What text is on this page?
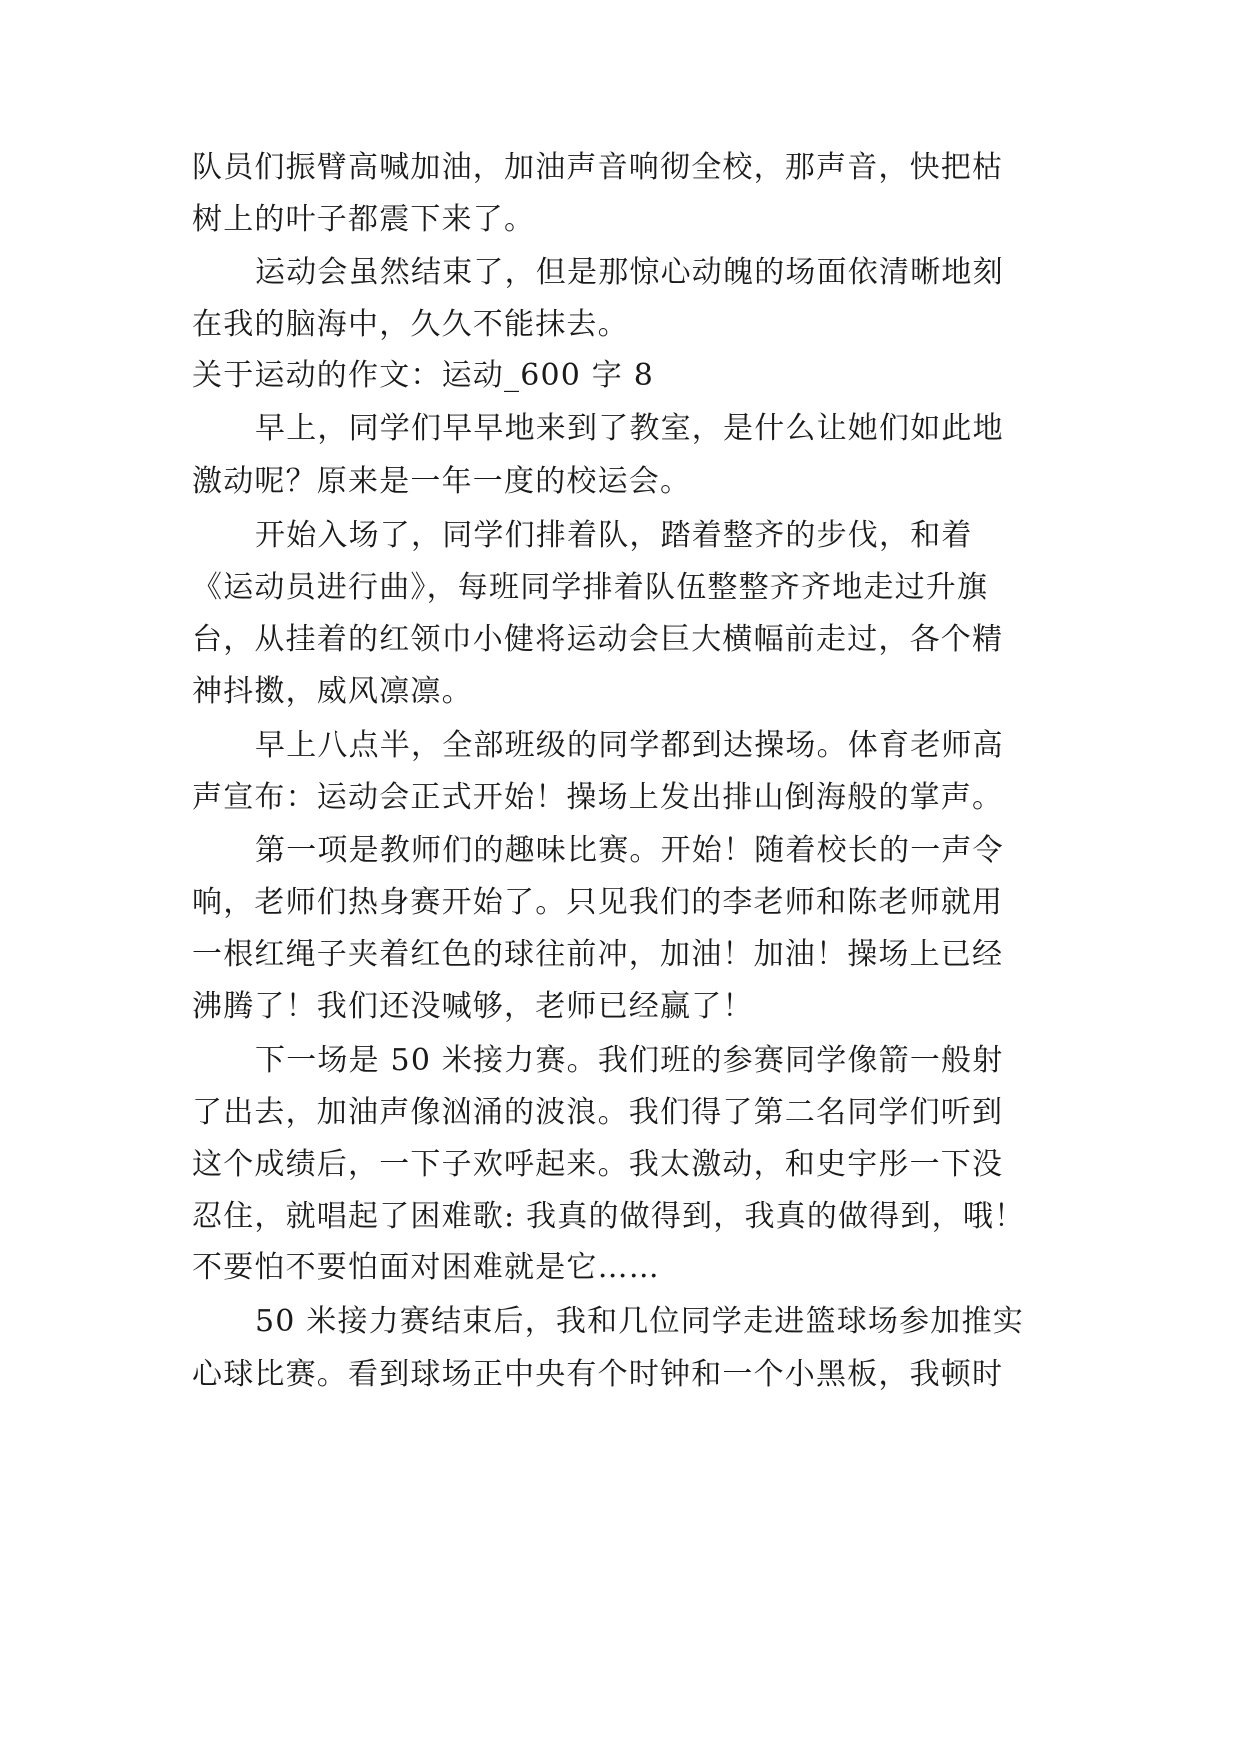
队员们振臂高喊加油，加油声音响彻全校，那声音，快把枯
树上的叶子都震下来了。
运动会虽然结束了，但是那惊心动魄的场面依清晰地刻
在我的脑海中，久久不能抹去。
关于运动的作文：运动_600 字 8
早上，同学们早早地来到了教室，是什么让她们如此地
激动呢？原来是一年一度的校运会。
开始入场了，同学们排着队，踏着整齐的步伐，和着
《运动员进行曲》，每班同学排着队伍整整齐齐地走过升旗
台，从挂着的红领巾小健将运动会巨大横幅前走过，各个精
神抖擞，威风凛凛。
早上八点半，全部班级的同学都到达操场。体育老师高
声宣布：运动会正式开始！操场上发出排山倒海般的掌声。
第一项是教师们的趣味比赛。开始！随着校长的一声令
响，老师们热身赛开始了。只见我们的李老师和陈老师就用
一根红绳子夹着红色的球往前冲，加油！加油！操场上已经
沸腾了！我们还没喊够，老师已经赢了！
下一场是 50 米接力赛。我们班的参赛同学像箭一般射
了出去，加油声像汹涌的波浪。我们得了第二名同学们听到
这个成绩后，一下子欢呼起来。我太激动，和史宇彤一下没
忍住，就唱起了困难歌: 我真的做得到，我真的做得到，哦！
不要怕不要怕面对困难就是它……
50 米接力赛结束后，我和几位同学走进篮球场参加推实
心球比赛。看到球场正中央有个时钟和一个小黑板，我顿时
